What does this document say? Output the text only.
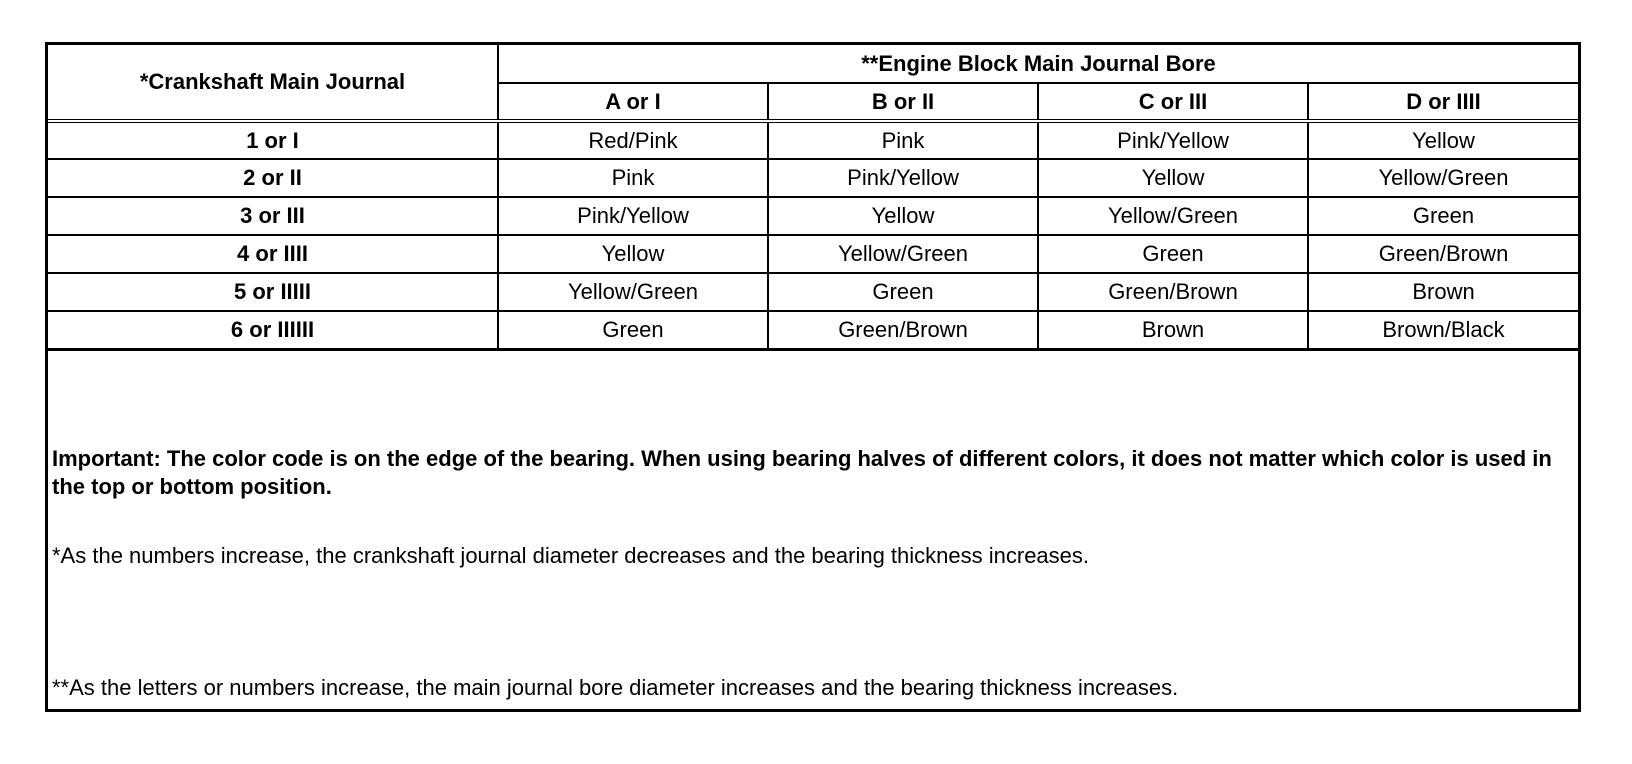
*Crankshaft Main Journal	**Engine Block Main Journal Bore			
	A or I	B or II	C or III	D or IIII
1 or I	Red/Pink	Pink	Pink/Yellow	Yellow
2 or II	Pink	Pink/Yellow	Yellow	Yellow/Green
3 or III	Pink/Yellow	Yellow	Yellow/Green	Green
4 or IIII	Yellow	Yellow/Green	Green	Green/Brown
5 or IIIII	Yellow/Green	Green	Green/Brown	Brown
6 or IIIIII	Green	Green/Brown	Brown	Brown/Black
Important: The color code is on the edge of the bearing. When using bearing halves of different colors, it does not matter which color is used in the top or bottom position.
*As the numbers increase, the crankshaft journal diameter decreases and the bearing thickness increases.
**As the letters or numbers increase, the main journal bore diameter increases and the bearing thickness increases.
